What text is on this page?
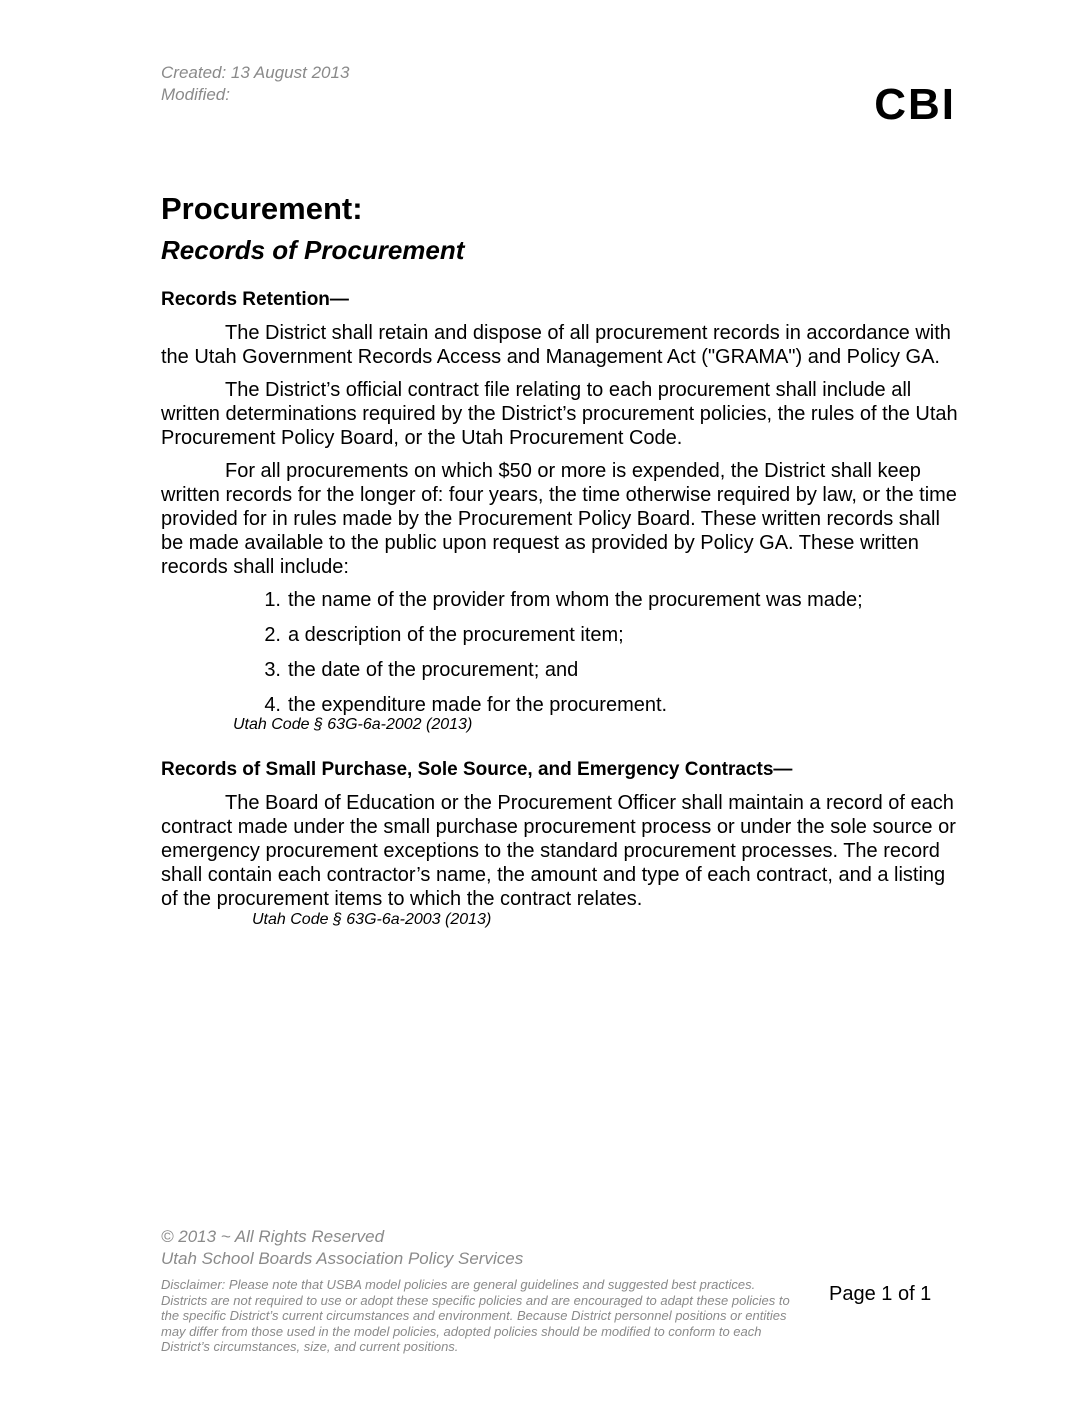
Created: 13 August 2013
Modified:	CBI
Procurement:
Records of Procurement
Records Retention—

The District shall retain and dispose of all procurement records in accordance with the Utah Government Records Access and Management Act ("GRAMA") and Policy GA.

The District’s official contract file relating to each procurement shall include all written determinations required by the District’s procurement policies, the rules of the Utah Procurement Policy Board, or the Utah Procurement Code.

For all procurements on which $50 or more is expended, the District shall keep written records for the longer of: four years, the time otherwise required by law, or the time provided for in rules made by the Procurement Policy Board. These written records shall be made available to the public upon request as provided by Policy GA. These written records shall include:

1. the name of the provider from whom the procurement was made;
2. a description of the procurement item;
3. the date of the procurement; and
4. the expenditure made for the procurement.
Utah Code § 63G-6a-2002 (2013)
Records of Small Purchase, Sole Source, and Emergency Contracts—

The Board of Education or the Procurement Officer shall maintain a record of each contract made under the small purchase procurement process or under the sole source or emergency procurement exceptions to the standard procurement processes. The record shall contain each contractor’s name, the amount and type of each contract, and a listing of the procurement items to which the contract relates.

Utah Code § 63G-6a-2003 (2013)
© 2013 ~ All Rights Reserved
Utah School Boards Association Policy Services
Disclaimer: Please note that USBA model policies are general guidelines and suggested best practices. Districts are not required to use or adopt these specific policies and are encouraged to adapt these policies to the specific District’s current circumstances and environment. Because District personnel positions or entities may differ from those used in the model policies, adopted policies should be modified to conform to each District’s circumstances, size, and current positions.
Page 1 of 1
